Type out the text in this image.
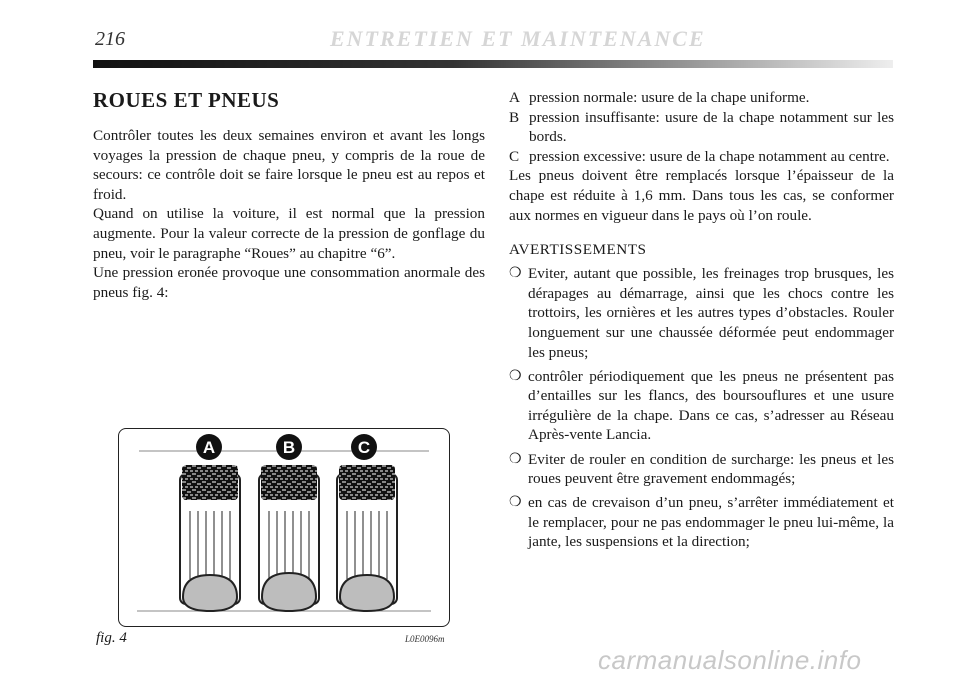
216	ENTRETIEN ET MAINTENANCE
ROUES ET PNEUS

Contrôler toutes les deux semaines environ et avant les longs voyages la pression de chaque pneu, y compris de la roue de secours: ce contrôle doit se faire lorsque le pneu est au repos et froid.

Quand on utilise la voiture, il est normal que la pression augmente. Pour la valeur correcte de la pression de gonflage du pneu, voir le paragraphe “Roues” au chapitre “6”.

Une pression eronée provoque une consommation anormale des pneus fig. 4:

A	B	C
fig. 4	L0E0096m
A pression normale: usure de la chape uniforme.
B pression insuffisante: usure de la chape notamment sur les bords.
C pression excessive: usure de la chape notamment au centre.

Les pneus doivent être remplacés lorsque l’épaisseur de la chape est réduite à 1,6 mm. Dans tous les cas, se conformer aux normes en vigueur dans le pays où l’on roule.

AVERTISSEMENTS
❍ Eviter, autant que possible, les freinages trop brusques, les dérapages au démarrage, ainsi que les chocs contre les trottoirs, les ornières et les autres types d’obstacles. Rouler longuement sur une chaussée déformée peut endommager les pneus;
❍ contrôler périodiquement que les pneus ne présentent pas d’entailles sur les flancs, des boursouflures et une usure irrégulière de la chape. Dans ce cas, s’adresser au Réseau Après-vente Lancia.
❍ Eviter de rouler en condition de surcharge: les pneus et les roues peuvent être gravement endommagés;
❍ en cas de crevaison d’un pneu, s’arrêter immédiatement et le remplacer, pour ne pas endommager le pneu lui-même, la jante, les suspensions et la direction;
carmanualsonline.info
